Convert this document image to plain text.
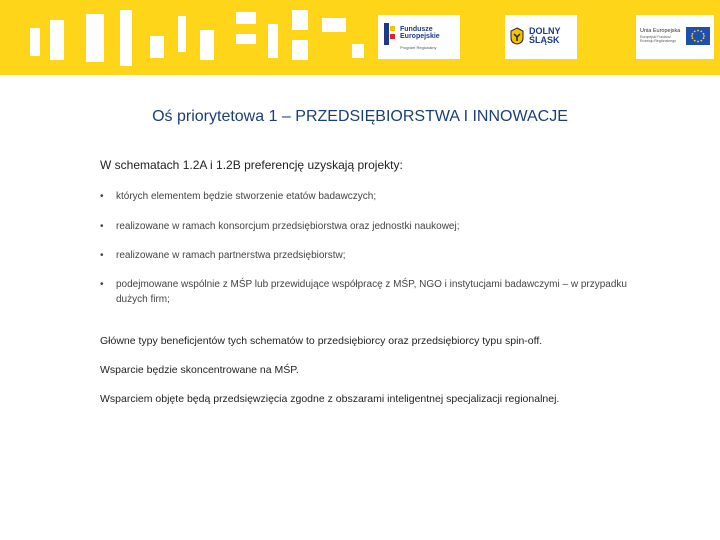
Fundusze Europejskie
Program Regionalny
DOLNY ŚLĄSK
Unia Europejska
Europejski Fundusz Rozwoju Regionalnego
Oś priorytetowa 1 – PRZEDSIĘBIORSTWA I INNOWACJE
W schematach 1.2A i 1.2B preferencję uzyskają projekty:
• których elementem będzie stworzenie etatów badawczych;
• realizowane w ramach konsorcjum przedsiębiorstwa oraz jednostki naukowej;
• realizowane w ramach partnerstwa przedsiębiorstw;
• podejmowane wspólnie z MŚP lub przewidujące współpracę z MŚP, NGO i instytucjami badawczymi – w przypadku dużych firm;
Główne typy beneficjentów tych schematów to przedsiębiorcy oraz przedsiębiorcy typu spin-off.
Wsparcie będzie skoncentrowane na MŚP.
Wsparciem objęte będą przedsięwzięcia zgodne z obszarami inteligentnej specjalizacji regionalnej.
